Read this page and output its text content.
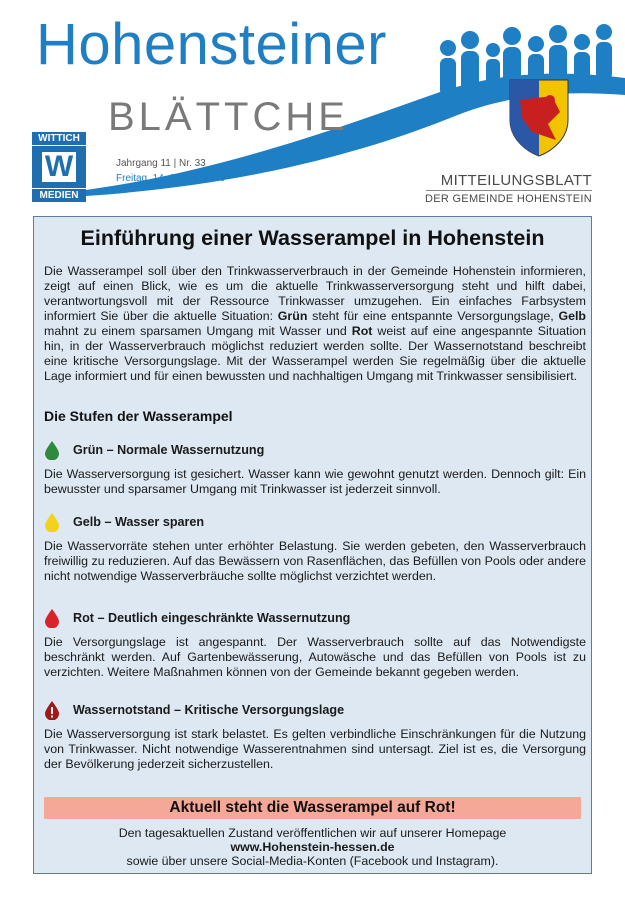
Hohensteiner
BLÄTTCHE
WITTICH
W
MEDIEN
Jahrgang 11 | Nr. 33
Freitag, 14. August 2026	MITTEILUNGSBLATT
DER GEMEINDE HOHENSTEIN
Einführung einer Wasserampel in Hohenstein

Die Wasserampel soll über den Trinkwasserverbrauch in der Gemeinde Hohenstein informieren, zeigt auf einen Blick, wie es um die aktuelle Trinkwasserversorgung steht und hilft dabei, verantwortungsvoll mit der Ressource Trinkwasser umzugehen. Ein einfaches Farbsystem informiert Sie über die aktuelle Situation: Grün steht für eine entspannte Versorgungslage, Gelb mahnt zu einem sparsamen Umgang mit Wasser und Rot weist auf eine angespannte Situation hin, in der Wasserverbrauch möglichst reduziert werden sollte. Der Wassernotstand beschreibt eine kritische Versorgungslage. Mit der Wasserampel werden Sie regelmäßig über die aktuelle Lage informiert und für einen bewussten und nachhaltigen Umgang mit Trinkwasser sensibilisiert.

Die Stufen der Wasserampel
Grün – Normale Wassernutzung

Die Wasserversorgung ist gesichert. Wasser kann wie gewohnt genutzt werden. Dennoch gilt: Ein bewusster und sparsamer Umgang mit Trinkwasser ist jederzeit sinnvoll.

Gelb – Wasser sparen

Die Wasservorräte stehen unter erhöhter Belastung. Sie werden gebeten, den Wasserverbrauch freiwillig zu reduzieren. Auf das Bewässern von Rasenflächen, das Befüllen von Pools oder andere nicht notwendige Wasserverbräuche sollte möglichst verzichtet werden.

Rot – Deutlich eingeschränkte Wassernutzung

Die Versorgungslage ist angespannt. Der Wasserverbrauch sollte auf das Notwendigste beschränkt werden. Auf Gartenbewässerung, Autowäsche und das Befüllen von Pools ist zu verzichten. Weitere Maßnahmen können von der Gemeinde bekannt gegeben werden.

Wassernotstand – Kritische Versorgungslage

Die Wasserversorgung ist stark belastet. Es gelten verbindliche Einschränkungen für die Nutzung von Trinkwasser. Nicht notwendige Wasserentnahmen sind untersagt. Ziel ist es, die Versorgung der Bevölkerung jederzeit sicherzustellen.

Aktuell steht die Wasserampel auf Rot!
Den tagesaktuellen Zustand veröffentlichen wir auf unserer Homepage
www.Hohenstein-hessen.de
sowie über unsere Social-Media-Konten (Facebook und Instagram).
